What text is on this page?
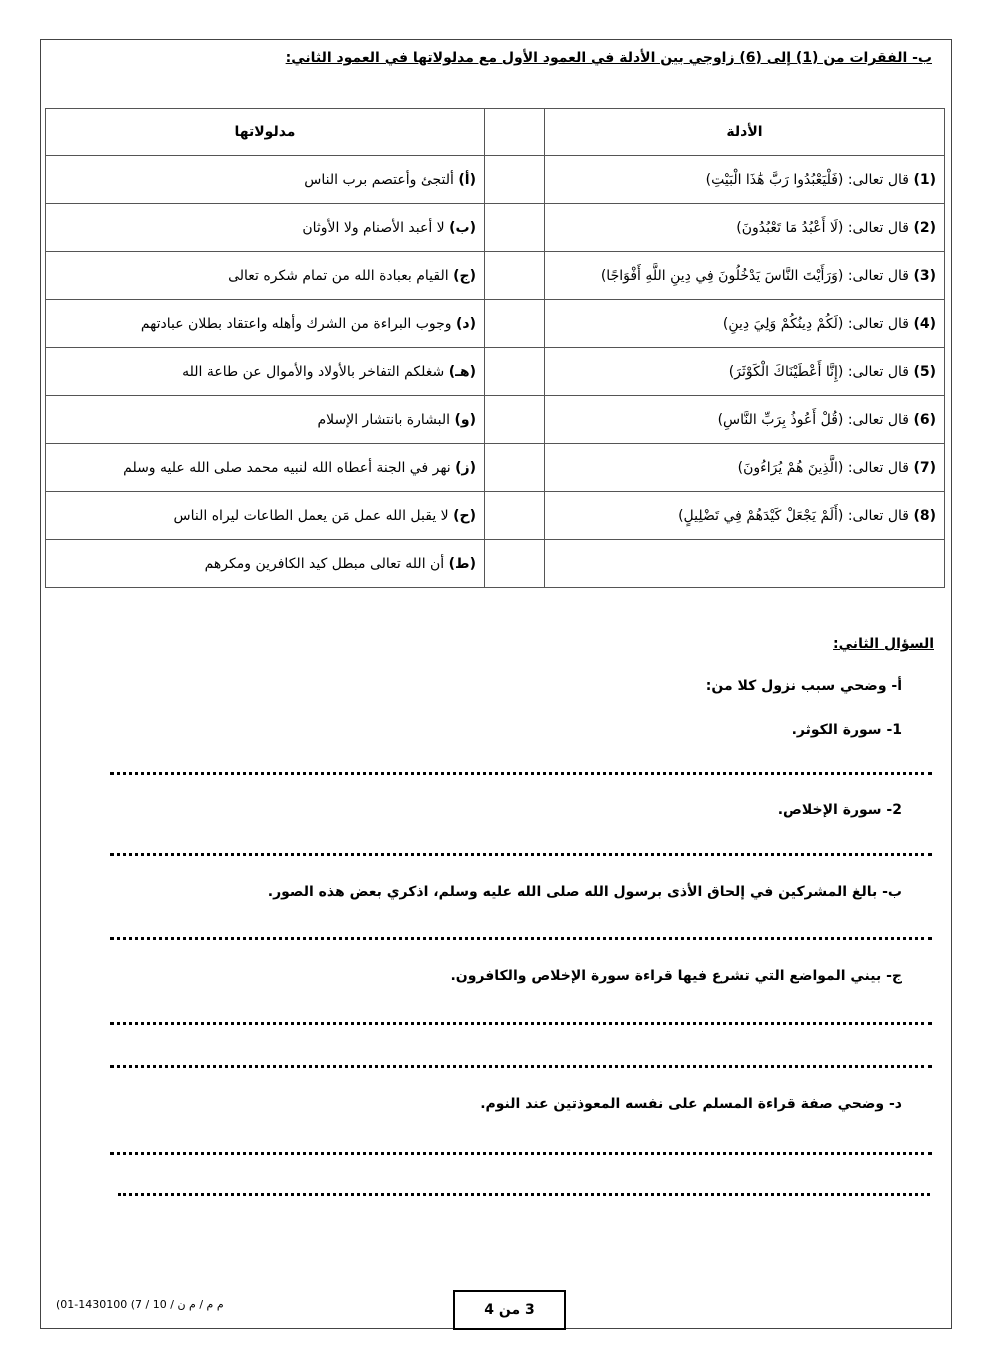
ب- الفقرات من (1) إلى (6) زاوجي بين الأدلة في العمود الأول مع مدلولاتها في العمود الثاني:
الأدلة		مدلولاتها
(1) قال تعالى: (فَلْيَعْبُدُوا رَبَّ هَٰذَا الْبَيْتِ)		(أ) ألتجئ وأعتصم برب الناس
(2) قال تعالى: (لَا أَعْبُدُ مَا تَعْبُدُونَ)		(ب) لا أعبد الأصنام ولا الأوثان
(3) قال تعالى: (وَرَأَيْتَ النَّاسَ يَدْخُلُونَ فِي دِينِ اللَّهِ أَفْوَاجًا)		(ج) القيام بعبادة الله من تمام شكره تعالى
(4) قال تعالى: (لَكُمْ دِينُكُمْ وَلِيَ دِينِ)		(د) وجوب البراءة من الشرك وأهله واعتقاد بطلان عبادتهم
(5) قال تعالى: (إِنَّا أَعْطَيْنَاكَ الْكَوْثَرَ)		(هـ) شغلكم التفاخر بالأولاد والأموال عن طاعة الله
(6) قال تعالى: (قُلْ أَعُوذُ بِرَبِّ النَّاسِ)		(و) البشارة بانتشار الإسلام
(7) قال تعالى: (الَّذِينَ هُمْ يُرَاءُونَ)		(ز) نهر في الجنة أعطاه الله لنبيه محمد صلى الله عليه وسلم
(8) قال تعالى: (أَلَمْ يَجْعَلْ كَيْدَهُمْ فِي تَضْلِيلٍ)		(ح) لا يقبل الله عمل مَن يعمل الطاعات ليراه الناس
		(ط) أن الله تعالى مبطل كيد الكافرين ومكرهم
السؤال الثاني:
أ- وضحي سبب نزول كلا من:
1- سورة الكوثر.
2- سورة الإخلاص.
ب- بالغ المشركين في إلحاق الأذى برسول الله صلى الله عليه وسلم، اذكري بعض هذه الصور.
ج- بيني المواضع التي تشرع فيها قراءة سورة الإخلاص والكافرون.
د- وضحي صفة قراءة المسلم على نفسه المعوذتين عند النوم.
(01-1430100 (7 / 10 / م م / م ن	3 من 4
